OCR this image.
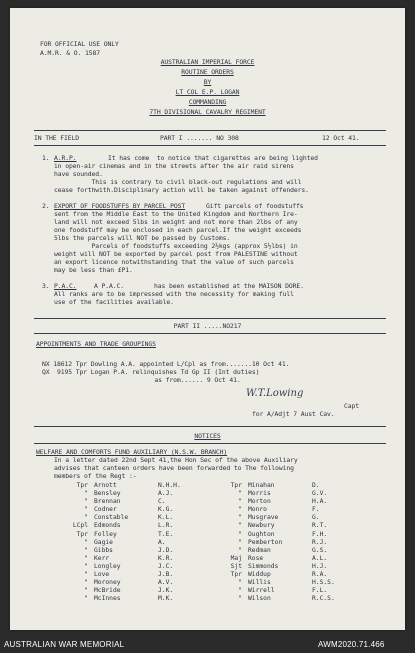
FOR OFFICIAL USE ONLY
A.M.R. & O. 1587
AUSTRALIAN IMPERIAL FORCE
ROUTINE ORDERS
BY
LT COL E.P. LOGAN
COMMANDING
7TH DIVISIONAL CAVALRY REGIMENT
IN THE FIELD	PART I ....... NO 308	12 Oct 41.
1. A.R.P.	It has come  to notice that cigarettes are being lighted
in open-air cinemas and in the streets after the air raid sirens
have sounded.
This is contrary to civil black-out regulations and will
cease forthwith.Disciplinary action will be taken against offenders.
2. EXPORT OF FOODSTUFFS BY PARCEL POST	Gift parcels of foodstuffs
sent from the Middle East to the United Kingdom and Northern Ire-
land will not exceed 5lbs in weight and not more than 2lbs of any
one foodstuff may be enclosed in each parcel.If the weight exceeds
5lbs the parcels will NOT be passed by Customs.
Parcels of foodstuffs exceeding 2½kgs (approx 5½lbs) in
weight will NOT be exported by parcel post from PALESTINE without
an export licence notwithstanding that the value of such parcels
may be less than £P1.
3. P.A.C.	A P.A.C.        has been established at the MAISON DORE.
All ranks are to be impressed with the necessity for making full
use of the facilities available.
PART II .....NO217
APPOINTMENTS AND TRADE GROUPINGS
NX 18612 Tpr Dowling A.A. appointed L/Cpl as from.......10 Oct 41.
QX  9195 Tpr Logan P.A. relinquishes Td Gp II (Int duties)
as from...... 9 Oct 41.
W.T.Lowing
Capt
for A/Adjt 7 Aust Cav.
NOTICES
WELFARE AND COMFORTS FUND AUXILIARY (N.S.W. BRANCH)
In a letter dated 22nd Sept 41,the Hon Sec of the above Auxiliary
advises that canteen orders have been forwarded to The following
members of the Regt :-
Tpr	Arnott	N.H.H.
"	Bensley	A.J.
"	Brennan	C.
"	Codner	K.G.
"	Constable	K.L.
LCpl	Edmonds	L.R.
Tpr	Folley	T.E.
"	Gagie	A.
"	Gibbs	J.D.
"	Kerr	K.R.
"	Longley	J.C.
"	Love	J.B.
"	Moroney	A.V.
"	McBride	J.K.
"	McInnes	M.K.
Tpr	Minahan	D.
"	Morris	G.V.
"	Morton	H.A.
"	Monro	F.
"	Musgrave	G.
"	Newbury	R.T.
"	Oughton	F.H.
"	Pemberton	R.J.
"	Redman	G.S.
Maj	Rose	A.L.
Sjt	Simmonds	H.J.
Tpr	Widdup	R.A.
"	Willis	H.S.S.
"	Wirrell	F.L.
"	Wilson	R.C.S.
AUSTRALIAN WAR MEMORIAL	AWM2020.71.466
